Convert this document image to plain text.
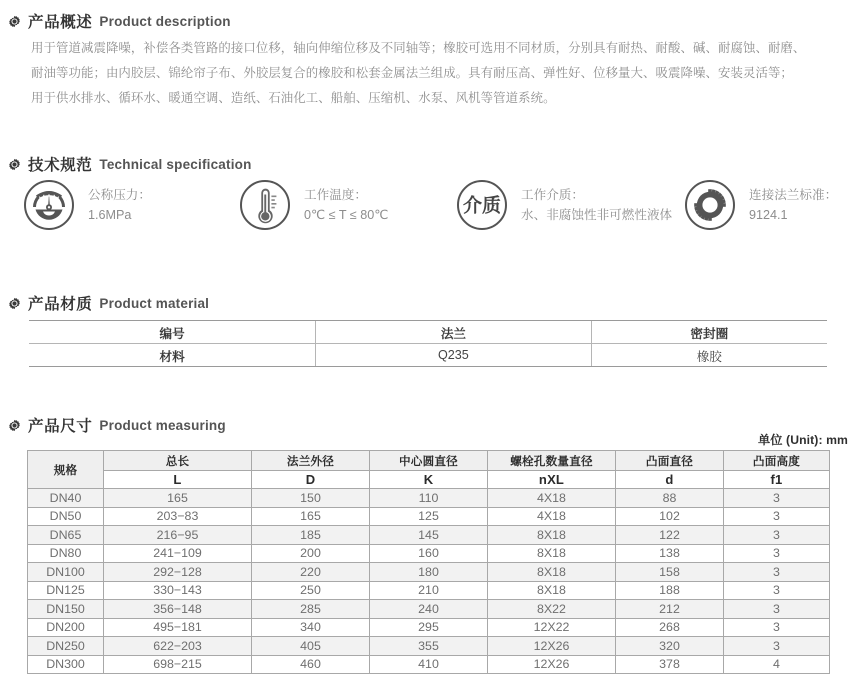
产品概述 Product description

用于管道减震降噪，补偿各类管路的接口位移，轴向伸缩位移及不同轴等；橡胶可选用不同材质，分别具有耐热、耐酸、碱、耐腐蚀、耐磨、

耐油等功能；由内胶层、锦纶帘子布、外胶层复合的橡胶和松套金属法兰组成。具有耐压高、弹性好、位移量大、吸震降噪、安装灵活等；

用于供水排水、循环水、暖通空调、造纸、石油化工、船舶、压缩机、水泵、风机等管道系统。

技术规范 Technical specification
公称压力：
1.6MPa
工作温度：
0℃ ≤ T ≤ 80℃	介质
工作介质：
水、非腐蚀性非可燃性液体
连接法兰标准：
9124.1
产品材质 Product material
编号	法兰	密封圈
材料	Q235	橡胶
产品尺寸 Product measuring
单位 (Unit): mm
规格	总长	法兰外径	中心圆直径	螺栓孔数量直径	凸面直径	凸面高度
	L	D	K	nXL	d	f1
DN40	165	150	110	4X18	88	3
DN50	203−83	165	125	4X18	102	3
DN65	216−95	185	145	8X18	122	3
DN80	241−109	200	160	8X18	138	3
DN100	292−128	220	180	8X18	158	3
DN125	330−143	250	210	8X18	188	3
DN150	356−148	285	240	8X22	212	3
DN200	495−181	340	295	12X22	268	3
DN250	622−203	405	355	12X26	320	3
DN300	698−215	460	410	12X26	378	4
